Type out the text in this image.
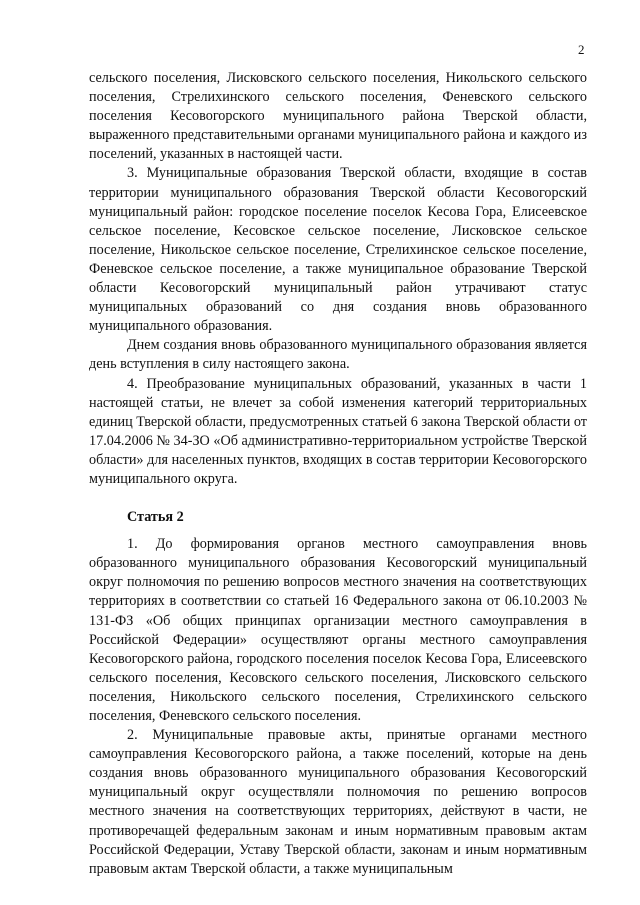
2

сельского поселения, Лисковского сельского поселения, Никольского сельского поселения, Стрелихинского сельского поселения, Феневского сельского поселения Кесовогорского муниципального района Тверской области, выраженного представительными органами муниципального района и каждого из поселений, указанных в настоящей части.

3. Муниципальные образования Тверской области, входящие в состав территории муниципального образования Тверской области Кесовогорский муниципальный район: городское поселение поселок Кесова Гора, Елисеевское сельское поселение, Кесовское сельское поселение, Лисковское сельское поселение, Никольское сельское поселение, Стрелихинское сельское поселение, Феневское сельское поселение, а также муниципальное образование Тверской области Кесовогорский муниципальный район утрачивают статус муниципальных образований со дня создания вновь образованного муниципального образования.

Днем создания вновь образованного муниципального образования является день вступления в силу настоящего закона.

4. Преобразование муниципальных образований, указанных в части 1 настоящей статьи, не влечет за собой изменения категорий территориальных единиц Тверской области, предусмотренных статьей 6 закона Тверской области от 17.04.2006 № 34-ЗО «Об административно-территориальном устройстве Тверской области» для населенных пунктов, входящих в состав территории Кесовогорского муниципального округа.

Статья 2

1. До формирования органов местного самоуправления вновь образованного муниципального образования Кесовогорский муниципальный округ полномочия по решению вопросов местного значения на соответствующих территориях в соответствии со статьей 16 Федерального закона от 06.10.2003 № 131-ФЗ «Об общих принципах организации местного самоуправления в Российской Федерации» осуществляют органы местного самоуправления Кесовогорского района, городского поселения поселок Кесова Гора, Елисеевского сельского поселения, Кесовского сельского поселения, Лисковского сельского поселения, Никольского сельского поселения, Стрелихинского сельского поселения, Феневского сельского поселения.

2. Муниципальные правовые акты, принятые органами местного самоуправления Кесовогорского района, а также поселений, которые на день создания вновь образованного муниципального образования Кесовогорский муниципальный округ осуществляли полномочия по решению вопросов местного значения на соответствующих территориях, действуют в части, не противоречащей федеральным законам и иным нормативным правовым актам Российской Федерации, Уставу Тверской области, законам и иным нормативным правовым актам Тверской области, а также муниципальным
